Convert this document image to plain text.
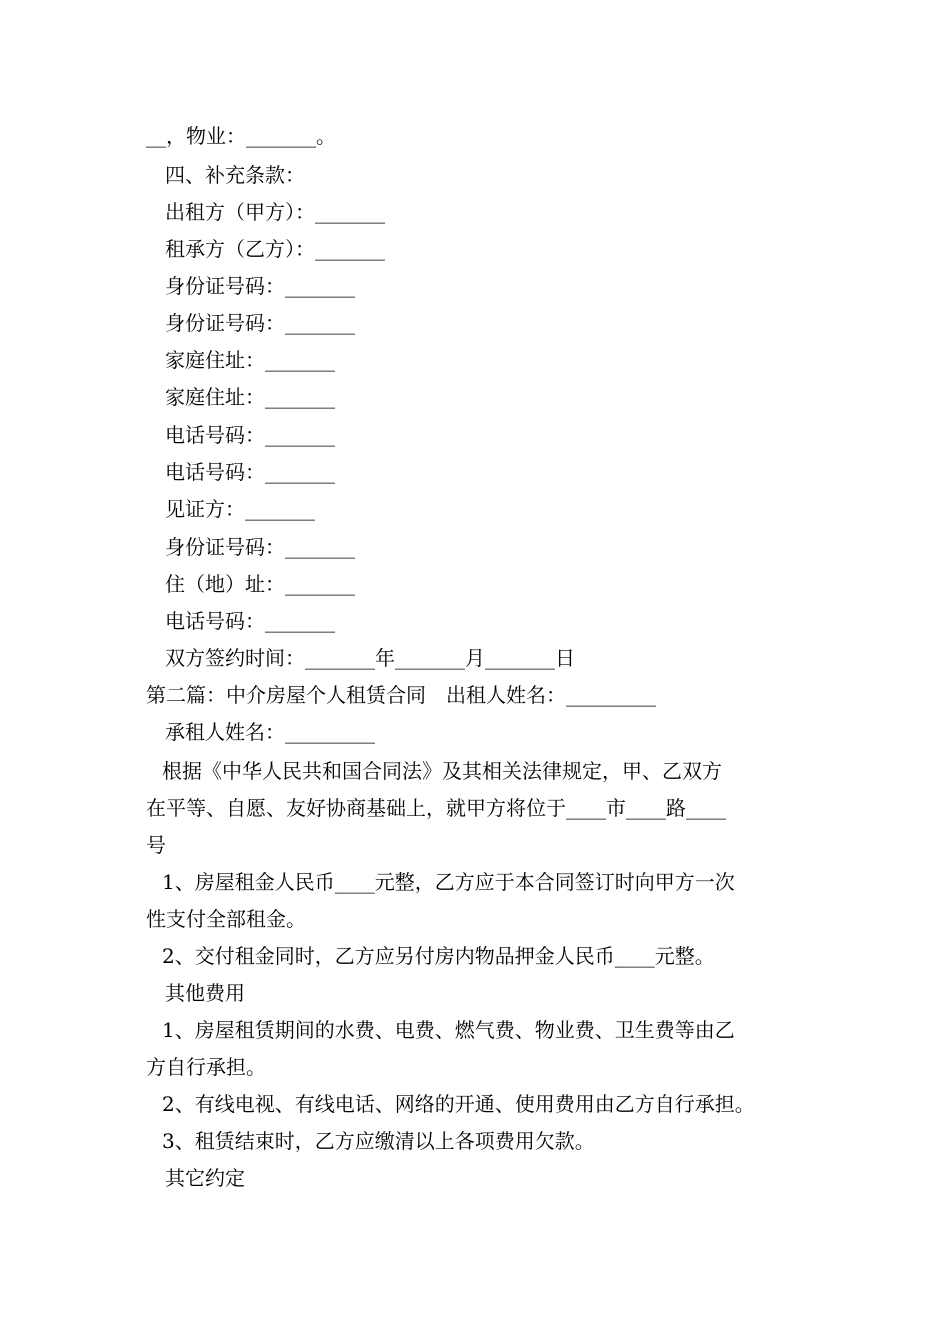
__，物业：_______。
四、补充条款：
出租方（甲方）：_______
租承方（乙方）：_______
身份证号码：_______
身份证号码：_______
家庭住址：_______
家庭住址：_______
电话号码：_______
电话号码：_______
见证方：_______
身份证号码：_______
住（地）址：_______
电话号码：_______
双方签约时间：_______年_______月_______日
第二篇：中介房屋个人租赁合同　出租人姓名：_________
承租人姓名：_________
根据《中华人民共和国合同法》及其相关法律规定，甲、乙双方
在平等、自愿、友好协商基础上，就甲方将位于____市____路____
号
1、房屋租金人民币____元整，乙方应于本合同签订时向甲方一次
性支付全部租金。
2、交付租金同时，乙方应另付房内物品押金人民币____元整。
其他费用
1、房屋租赁期间的水费、电费、燃气费、物业费、卫生费等由乙
方自行承担。
2、有线电视、有线电话、网络的开通、使用费用由乙方自行承担。
3、租赁结束时，乙方应缴清以上各项费用欠款。
其它约定
